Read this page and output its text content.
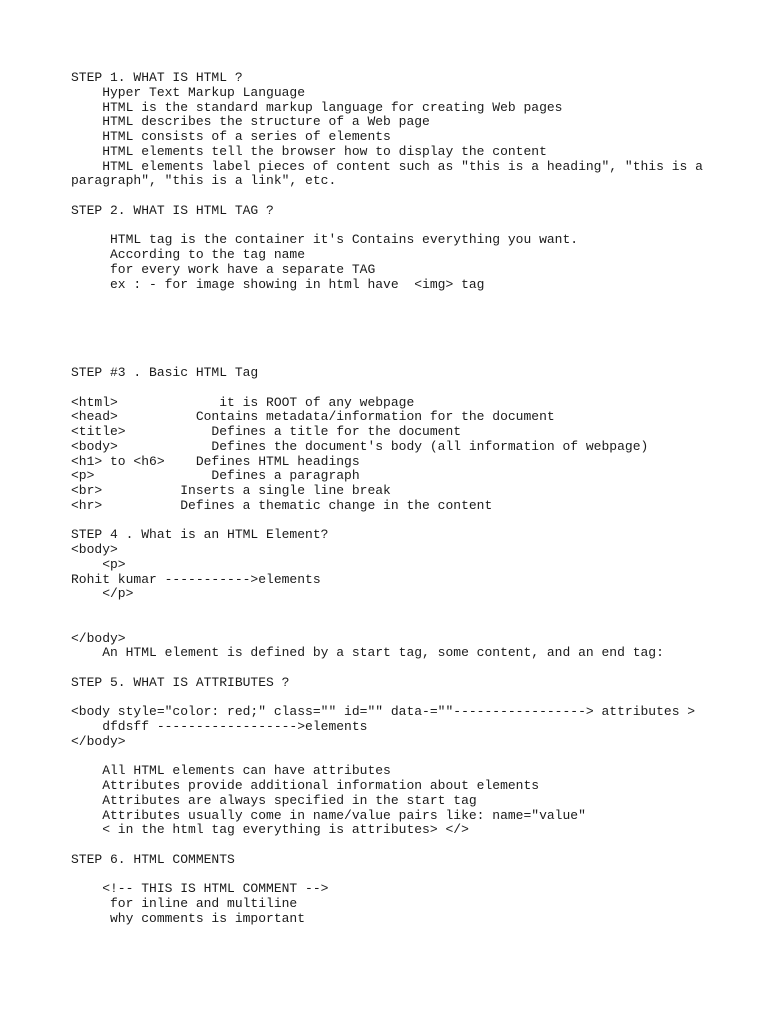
STEP 1. WHAT IS HTML ?
Hyper Text Markup Language
HTML is the standard markup language for creating Web pages
HTML describes the structure of a Web page
HTML consists of a series of elements
HTML elements tell the browser how to display the content
HTML elements label pieces of content such as "this is a heading", "this is a
paragraph", "this is a link", etc.
STEP 2. WHAT IS HTML TAG ?
HTML tag is the container it's Contains everything you want.
According to the tag name
for every work have a separate TAG
ex : - for image showing in html have  <img> tag
STEP #3 . Basic HTML Tag
<html>             it is ROOT of any webpage
<head>          Contains metadata/information for the document
<title>           Defines a title for the document
<body>            Defines the document's body (all information of webpage)
<h1> to <h6>    Defines HTML headings
<p>               Defines a paragraph
<br>          Inserts a single line break
<hr>          Defines a thematic change in the content
STEP 4 . What is an HTML Element?
<body>
<p>
Rohit kumar ----------->elements
</p>
</body>
An HTML element is defined by a start tag, some content, and an end tag:
STEP 5. WHAT IS ATTRIBUTES ?
<body style="color: red;" class="" id="" data-=""-----------------> attributes >
dfdsff ------------------>elements
</body>
All HTML elements can have attributes
Attributes provide additional information about elements
Attributes are always specified in the start tag
Attributes usually come in name/value pairs like: name="value"
< in the html tag everything is attributes> </>
STEP 6. HTML COMMENTS
<!-- THIS IS HTML COMMENT -->
for inline and multiline
why comments is important
